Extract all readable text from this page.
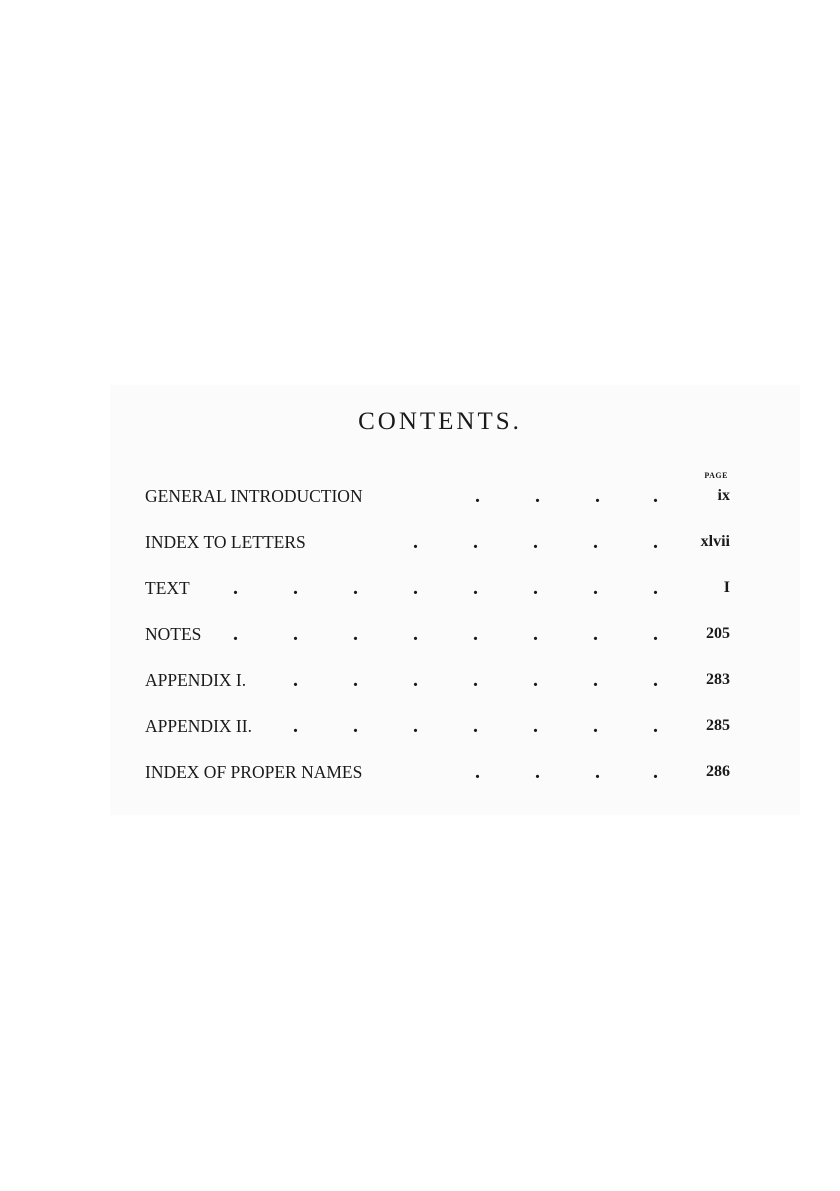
CONTENTS.
PAGE
GENERAL INTRODUCTION	.	.	.	.	ix
INDEX TO LETTERS	.	.	.	.	.	xlvii
TEXT .	.	.	.	.	.	.	.	I
NOTES .	.	.	.	.	.	.	.	205
APPENDIX I. .	.	.	.	.	.	.	283
APPENDIX II. .	.	.	.	.	.	.	285
INDEX OF PROPER NAMES	.	.	.	.	286
